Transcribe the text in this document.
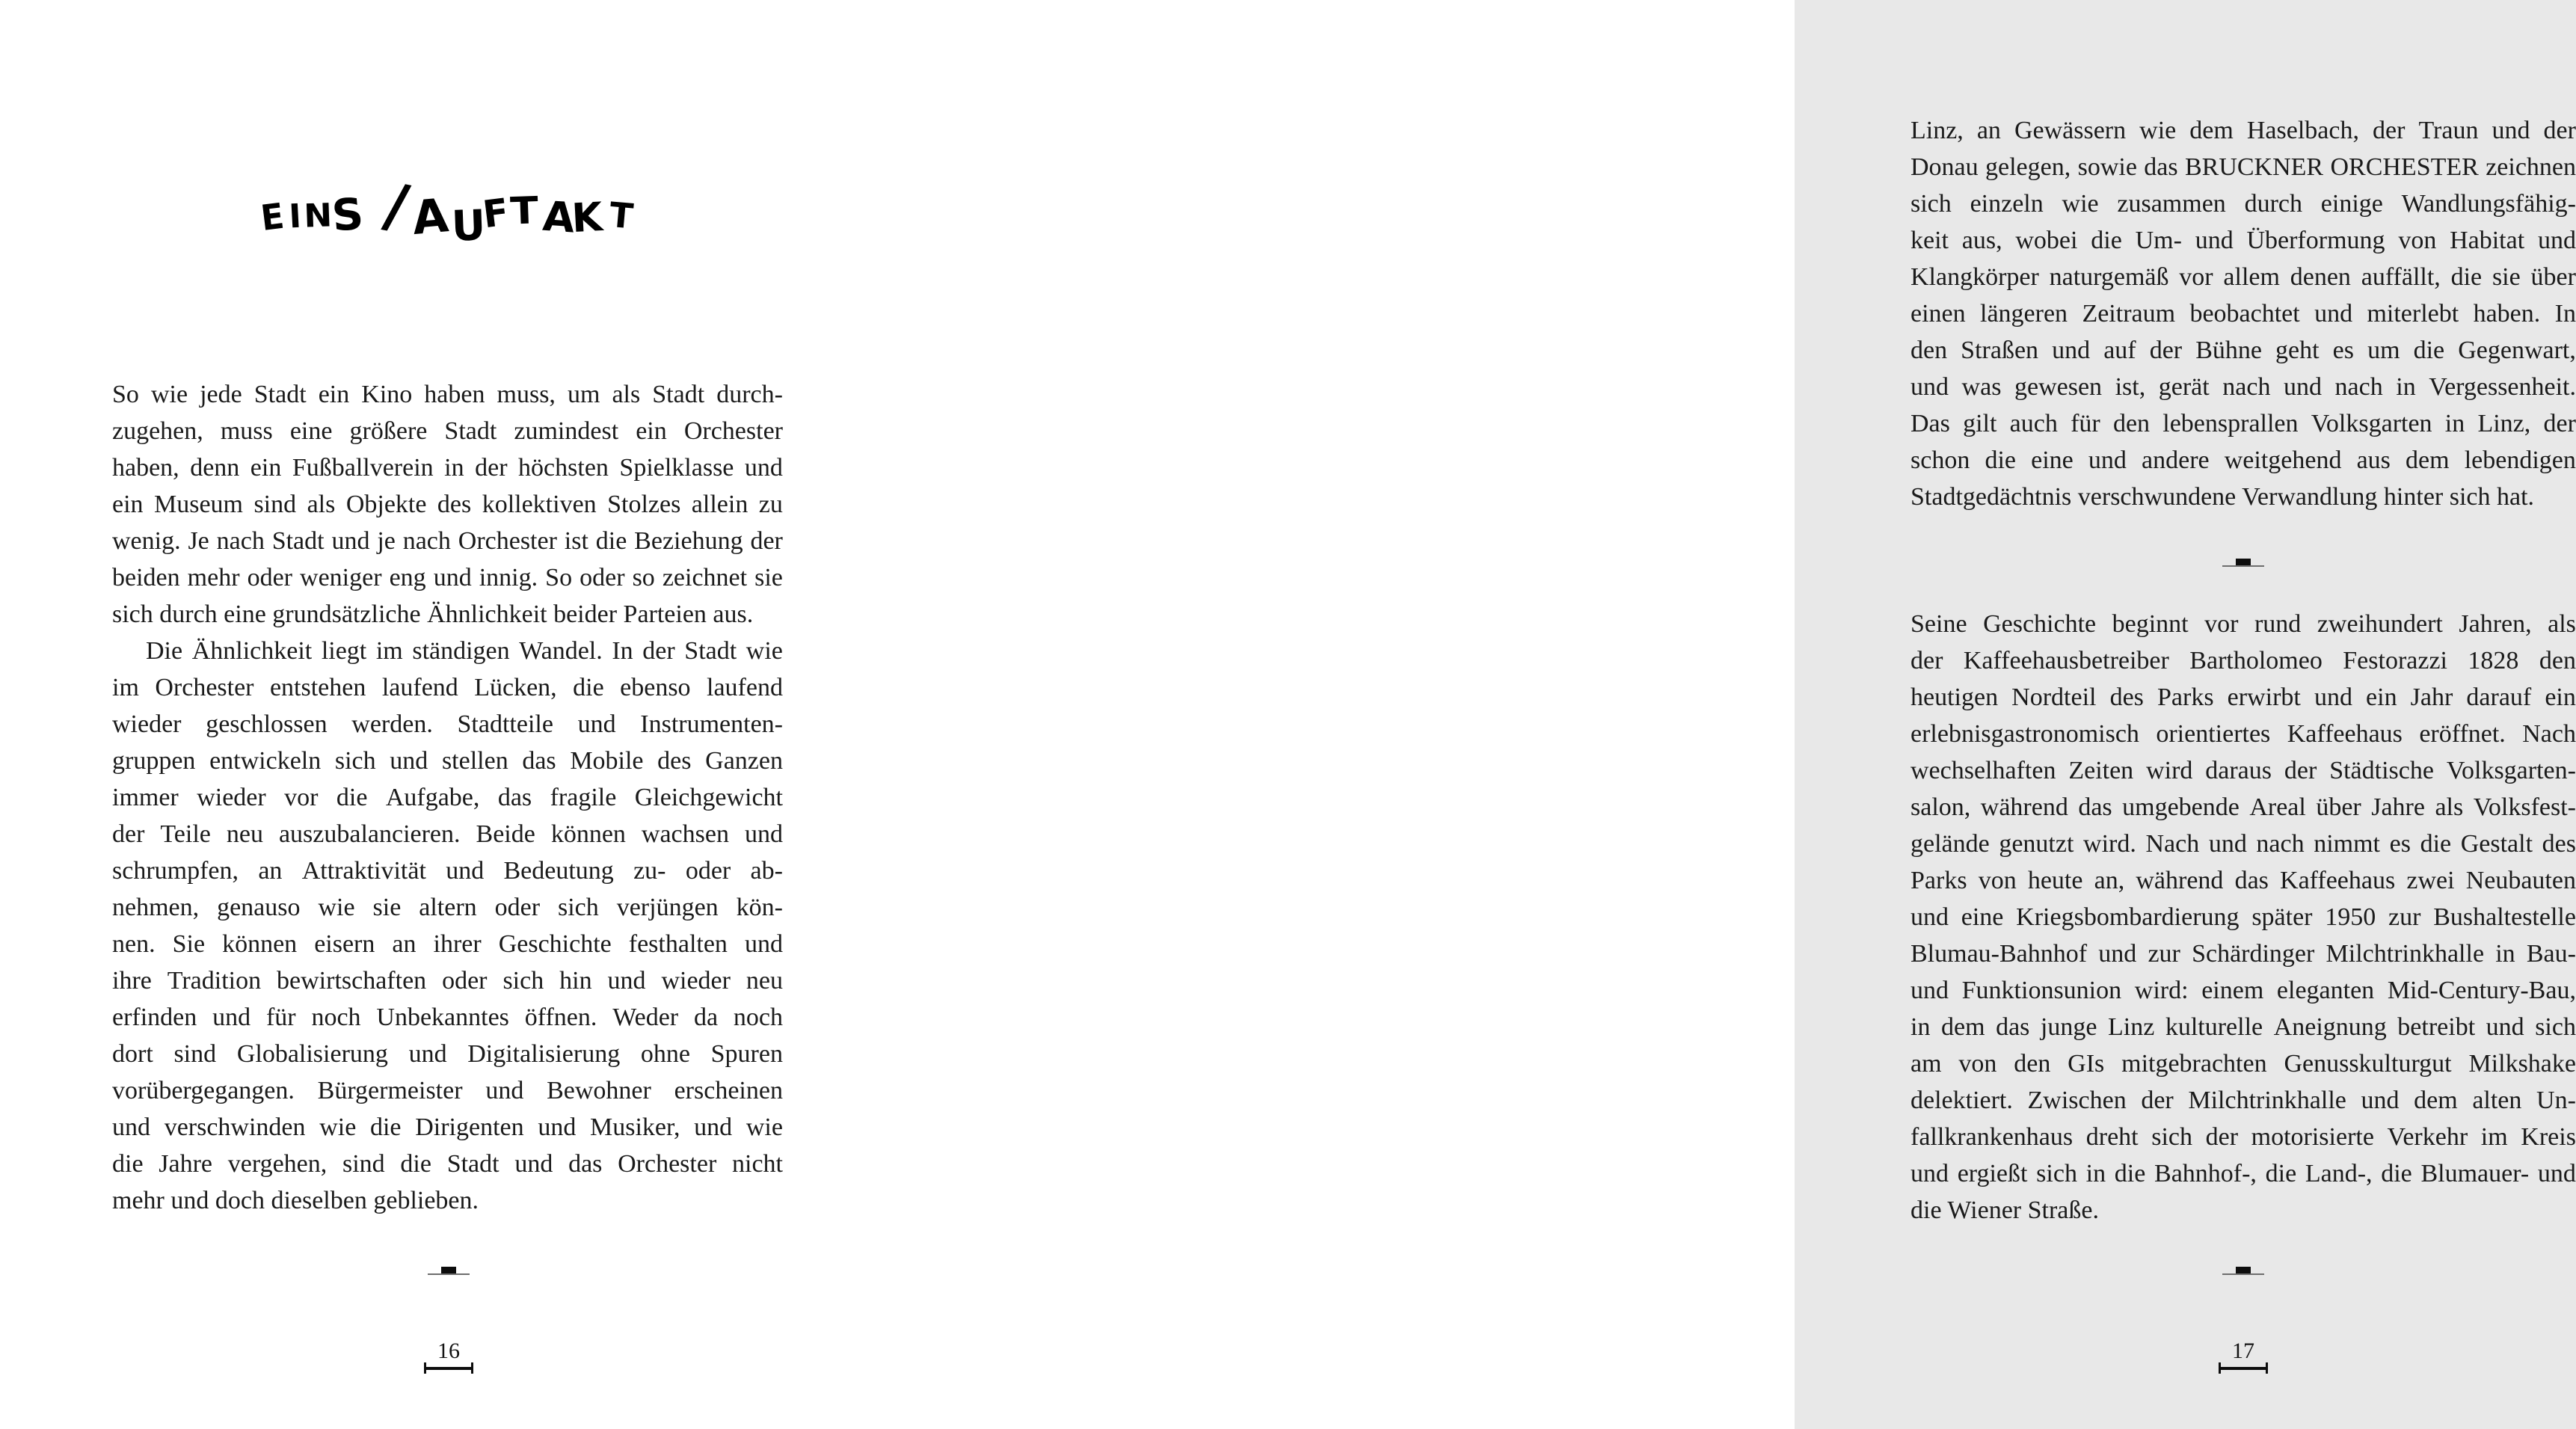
EINS /AUFTAK T
So wie jede Stadt ein Kino haben muss, um als Stadt durch-
zugehen, muss eine größere Stadt zumindest ein Orchester
haben, denn ein Fußballverein in der höchsten Spielklasse und
ein Museum sind als Objekte des kollektiven Stolzes allein zu
wenig. Je nach Stadt und je nach Orchester ist die Beziehung der
beiden mehr oder weniger eng und innig. So oder so zeichnet sie
sich durch eine grundsätzliche Ähnlichkeit beider Parteien aus.
Die Ähnlichkeit liegt im ständigen Wandel. In der Stadt wie
im Orchester entstehen laufend Lücken, die ebenso laufend
wieder geschlossen werden. Stadtteile und Instrumenten-
gruppen entwickeln sich und stellen das Mobile des Ganzen
immer wieder vor die Aufgabe, das fragile Gleichgewicht
der Teile neu auszubalancieren. Beide können wachsen und
schrumpfen, an Attraktivität und Bedeutung zu- oder ab-
nehmen, genauso wie sie altern oder sich verjüngen kön-
nen. Sie können eisern an ihrer Geschichte festhalten und
ihre Tradition bewirtschaften oder sich hin und wieder neu
erfinden und für noch Unbekanntes öffnen. Weder da noch
dort sind Globalisierung und Digitalisierung ohne Spuren
vorübergegangen. Bürgermeister und Bewohner erscheinen
und verschwinden wie die Dirigenten und Musiker, und wie
die Jahre vergehen, sind die Stadt und das Orchester nicht
mehr und doch dieselben geblieben.
16
Linz, an Gewässern wie dem Haselbach, der Traun und der
Donau gelegen, sowie das BRUCKNER ORCHESTER zeichnen
sich einzeln wie zusammen durch einige Wandlungsfähig-
keit aus, wobei die Um- und Überformung von Habitat und
Klangkörper naturgemäß vor allem denen auffällt, die sie über
einen längeren Zeitraum beobachtet und miterlebt haben. In
den Straßen und auf der Bühne geht es um die Gegenwart,
und was gewesen ist, gerät nach und nach in Vergessenheit.
Das gilt auch für den lebensprallen Volksgarten in Linz, der
schon die eine und andere weitgehend aus dem lebendigen
Stadtgedächtnis verschwundene Verwandlung hinter sich hat.
Seine Geschichte beginnt vor rund zweihundert Jahren, als
der Kaffeehausbetreiber Bartholomeo Festorazzi 1828 den
heutigen Nordteil des Parks erwirbt und ein Jahr darauf ein
erlebnisgastronomisch orientiertes Kaffeehaus eröffnet. Nach
wechselhaften Zeiten wird daraus der Städtische Volksgarten-
salon, während das umgebende Areal über Jahre als Volksfest-
gelände genutzt wird. Nach und nach nimmt es die Gestalt des
Parks von heute an, während das Kaffeehaus zwei Neubauten
und eine Kriegsbombardierung später 1950 zur Bushaltestelle
Blumau-Bahnhof und zur Schärdinger Milchtrinkhalle in Bau-
und Funktionsunion wird: einem eleganten Mid-Century-Bau,
in dem das junge Linz kulturelle Aneignung betreibt und sich
am von den GIs mitgebrachten Genusskulturgut Milkshake
delektiert. Zwischen der Milchtrinkhalle und dem alten Un-
fallkrankenhaus dreht sich der motorisierte Verkehr im Kreis
und ergießt sich in die Bahnhof-, die Land-, die Blumauer- und
die Wiener Straße.
17
